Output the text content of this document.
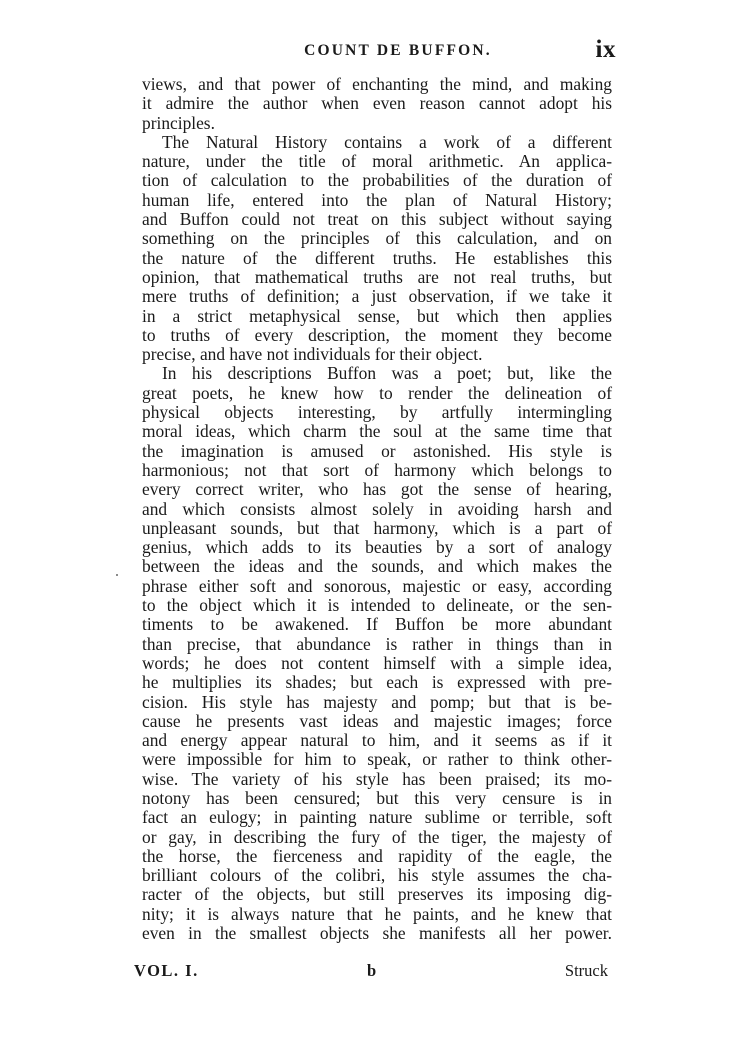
COUNT DE BUFFON.	ix
views, and that power of enchanting the mind, and making
it admire the author when even reason cannot adopt his
principles.
The Natural History contains a work of a different
nature, under the title of moral arithmetic. An applica-
tion of calculation to the probabilities of the duration of
human life, entered into the plan of Natural History;
and Buffon could not treat on this subject without saying
something on the principles of this calculation, and on
the nature of the different truths. He establishes this
opinion, that mathematical truths are not real truths, but
mere truths of definition; a just observation, if we take it
in a strict metaphysical sense, but which then applies
to truths of every description, the moment they become
precise, and have not individuals for their object.
In his descriptions Buffon was a poet; but, like the
great poets, he knew how to render the delineation of
physical objects interesting, by artfully intermingling
moral ideas, which charm the soul at the same time that
the imagination is amused or astonished. His style is
harmonious; not that sort of harmony which belongs to
every correct writer, who has got the sense of hearing,
and which consists almost solely in avoiding harsh and
unpleasant sounds, but that harmony, which is a part of
genius, which adds to its beauties by a sort of analogy
between the ideas and the sounds, and which makes the
phrase either soft and sonorous, majestic or easy, according
to the object which it is intended to delineate, or the sen-
timents to be awakened. If Buffon be more abundant
than precise, that abundance is rather in things than in
words; he does not content himself with a simple idea,
he multiplies its shades; but each is expressed with pre-
cision. His style has majesty and pomp; but that is be-
cause he presents vast ideas and majestic images; force
and energy appear natural to him, and it seems as if it
were impossible for him to speak, or rather to think other-
wise. The variety of his style has been praised; its mo-
notony has been censured; but this very censure is in
fact an eulogy; in painting nature sublime or terrible, soft
or gay, in describing the fury of the tiger, the majesty of
the horse, the fierceness and rapidity of the eagle, the
brilliant colours of the colibri, his style assumes the cha-
racter of the objects, but still preserves its imposing dig-
nity; it is always nature that he paints, and he knew that
even in the smallest objects she manifests all her power.
VOL. I.	b	Struck
